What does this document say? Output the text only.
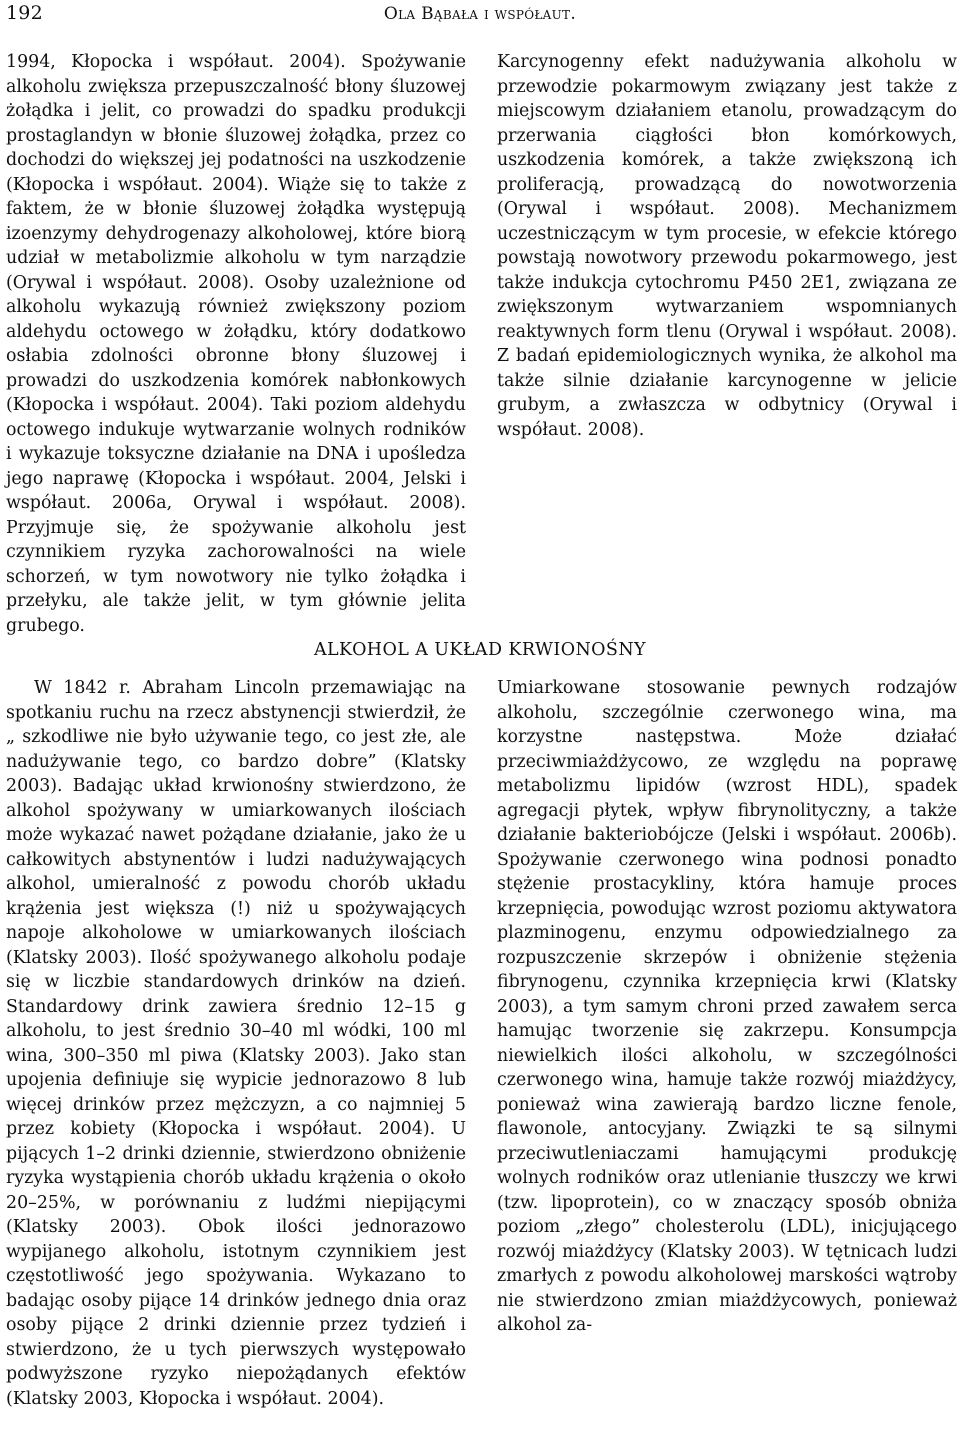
192	Ola Bąbała i współaut.

1994, Kłopocka i współaut. 2004). Spożywanie alkoholu zwiększa przepuszczalność błony śluzowej żołądka i jelit, co prowadzi do spadku produkcji prostaglandyn w błonie śluzowej żołądka, przez co dochodzi do większej jej podatności na uszkodzenie (Kłopocka i współaut. 2004). Wiąże się to także z faktem, że w błonie śluzowej żołądka występują izoenzymy dehydrogenazy alkoholowej, które biorą udział w metabolizmie alkoholu w tym narządzie (Orywal i współaut. 2008). Osoby uzależnione od alkoholu wykazują również zwiększony poziom aldehydu octowego w żołądku, który dodatkowo osłabia zdolności obronne błony śluzowej i prowadzi do uszkodzenia komórek nabłonkowych (Kłopocka i współaut. 2004). Taki poziom aldehydu octowego indukuje wytwarzanie wolnych rodników i wykazuje toksyczne działanie na DNA i upośledza jego naprawę (Kłopocka i współaut. 2004, Jelski i współaut. 2006a, Orywal i współaut. 2008). Przyjmuje się, że spożywanie alkoholu jest czynnikiem ryzyka zachorowalności na wiele schorzeń, w tym nowotwory nie tylko żołądka i przełyku, ale także jelit, w tym głównie jelita grubego.

Karcynogenny efekt nadużywania alkoholu w przewodzie pokarmowym związany jest także z miejscowym działaniem etanolu, prowadzącym do przerwania ciągłości błon komórkowych, uszkodzenia komórek, a także zwiększoną ich proliferacją, prowadzącą do nowotworzenia (Orywal i współaut. 2008). Mechanizmem uczestniczącym w tym procesie, w efekcie którego powstają nowotwory przewodu pokarmowego, jest także indukcja cytochromu P450 2E1, związana ze zwiększonym wytwarzaniem wspomnianych reaktywnych form tlenu (Orywal i współaut. 2008). Z badań epidemiologicznych wynika, że alkohol ma także silnie działanie karcynogenne w jelicie grubym, a zwłaszcza w odbytnicy (Orywal i współaut. 2008).

ALKOHOL A UKŁAD KRWIONOŚNY

W 1842 r. Abraham Lincoln przemawiając na spotkaniu ruchu na rzecz abstynencji stwierdził, że „ szkodliwe nie było używanie tego, co jest złe, ale nadużywanie tego, co bardzo dobre” (Klatsky 2003). Badając układ krwionośny stwierdzono, że alkohol spożywany w umiarkowanych ilościach może wykazać nawet pożądane działanie, jako że u całkowitych abstynentów i ludzi nadużywających alkohol, umieralność z powodu chorób układu krążenia jest większa (!) niż u spożywających napoje alkoholowe w umiarkowanych ilościach (Klatsky 2003). Ilość spożywanego alkoholu podaje się w liczbie standardowych drinków na dzień. Standardowy drink zawiera średnio 12–15 g alkoholu, to jest średnio 30–40 ml wódki, 100 ml wina, 300–350 ml piwa (Klatsky 2003). Jako stan upojenia definiuje się wypicie jednorazowo 8 lub więcej drinków przez mężczyzn, a co najmniej 5 przez kobiety (Kłopocka i współaut. 2004). U pijących 1–2 drinki dziennie, stwierdzono obniżenie ryzyka wystąpienia chorób układu krążenia o około 20–25%, w porównaniu z ludźmi niepijącymi (Klatsky 2003). Obok ilości jednorazowo wypijanego alkoholu, istotnym czynnikiem jest częstotliwość jego spożywania. Wykazano to badając osoby pijące 14 drinków jednego dnia oraz osoby pijące 2 drinki dziennie przez tydzień i stwierdzono, że u tych pierwszych występowało podwyższone ryzyko niepożądanych efektów (Klatsky 2003, Kłopocka i współaut. 2004).

Umiarkowane stosowanie pewnych rodzajów alkoholu, szczególnie czerwonego wina, ma korzystne następstwa. Może działać przeciwmiażdżycowo, ze względu na poprawę metabolizmu lipidów (wzrost HDL), spadek agregacji płytek, wpływ fibrynolityczny, a także działanie bakteriobójcze (Jelski i współaut. 2006b). Spożywanie czerwonego wina podnosi ponadto stężenie prostacykliny, która hamuje proces krzepnięcia, powodując wzrost poziomu aktywatora plazminogenu, enzymu odpowiedzialnego za rozpuszczenie skrzepów i obniżenie stężenia fibrynogenu, czynnika krzepnięcia krwi (Klatsky 2003), a tym samym chroni przed zawałem serca hamując tworzenie się zakrzepu. Konsumpcja niewielkich ilości alkoholu, w szczególności czerwonego wina, hamuje także rozwój miażdżycy, ponieważ wina zawierają bardzo liczne fenole, flawonole, antocyjany. Związki te są silnymi przeciwutleniaczami hamującymi produkcję wolnych rodników oraz utlenianie tłuszczy we krwi (tzw. lipoprotein), co w znaczący sposób obniża poziom „złego” cholesterolu (LDL), inicjującego rozwój miażdżycy (Klatsky 2003). W tętnicach ludzi zmarłych z powodu alkoholowej marskości wątroby nie stwierdzono zmian miażdżycowych, ponieważ alkohol za-
